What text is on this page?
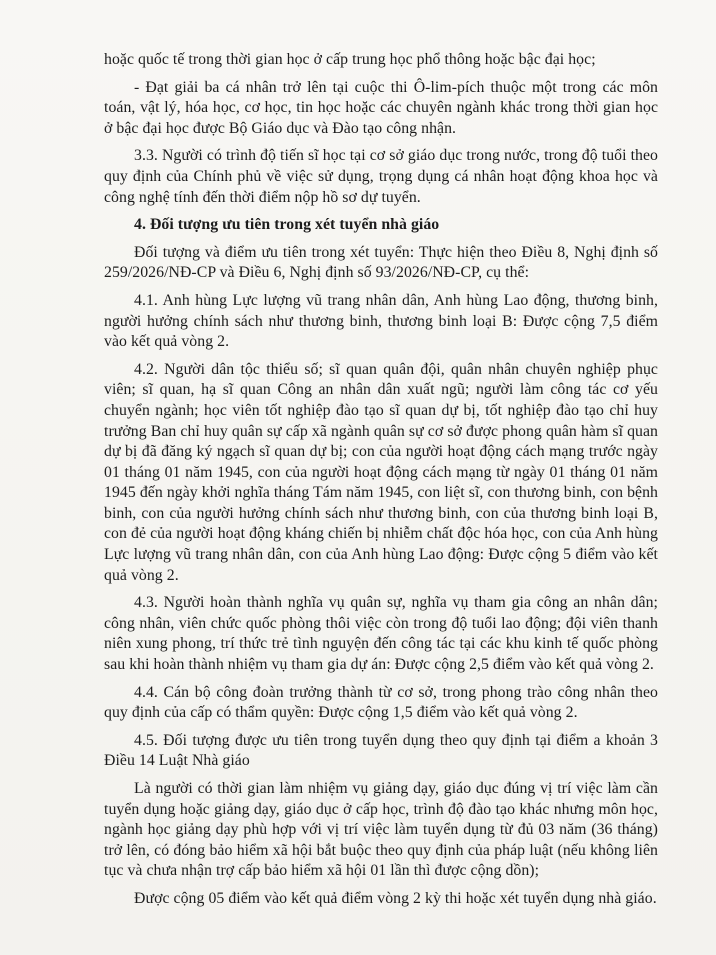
hoặc quốc tế trong thời gian học ở cấp trung học phổ thông hoặc bậc đại học;

- Đạt giải ba cá nhân trở lên tại cuộc thi Ô-lim-pích thuộc một trong các môn toán, vật lý, hóa học, cơ học, tin học hoặc các chuyên ngành khác trong thời gian học ở bậc đại học được Bộ Giáo dục và Đào tạo công nhận.

3.3. Người có trình độ tiến sĩ học tại cơ sở giáo dục trong nước, trong độ tuổi theo quy định của Chính phủ về việc sử dụng, trọng dụng cá nhân hoạt động khoa học và công nghệ tính đến thời điểm nộp hồ sơ dự tuyển.

4. Đối tượng ưu tiên trong xét tuyển nhà giáo

Đối tượng và điểm ưu tiên trong xét tuyển: Thực hiện theo Điều 8, Nghị định số 259/2026/NĐ-CP và Điều 6, Nghị định số 93/2026/NĐ-CP, cụ thể:

4.1. Anh hùng Lực lượng vũ trang nhân dân, Anh hùng Lao động, thương binh, người hưởng chính sách như thương binh, thương binh loại B: Được cộng 7,5 điểm vào kết quả vòng 2.

4.2. Người dân tộc thiểu số; sĩ quan quân đội, quân nhân chuyên nghiệp phục viên; sĩ quan, hạ sĩ quan Công an nhân dân xuất ngũ; người làm công tác cơ yếu chuyển ngành; học viên tốt nghiệp đào tạo sĩ quan dự bị, tốt nghiệp đào tạo chỉ huy trưởng Ban chỉ huy quân sự cấp xã ngành quân sự cơ sở được phong quân hàm sĩ quan dự bị đã đăng ký ngạch sĩ quan dự bị; con của người hoạt động cách mạng trước ngày 01 tháng 01 năm 1945, con của người hoạt động cách mạng từ ngày 01 tháng 01 năm 1945 đến ngày khởi nghĩa tháng Tám năm 1945, con liệt sĩ, con thương binh, con bệnh binh, con của người hưởng chính sách như thương binh, con của thương binh loại B, con đẻ của người hoạt động kháng chiến bị nhiễm chất độc hóa học, con của Anh hùng Lực lượng vũ trang nhân dân, con của Anh hùng Lao động: Được cộng 5 điểm vào kết quả vòng 2.

4.3. Người hoàn thành nghĩa vụ quân sự, nghĩa vụ tham gia công an nhân dân; công nhân, viên chức quốc phòng thôi việc còn trong độ tuổi lao động; đội viên thanh niên xung phong, trí thức trẻ tình nguyện đến công tác tại các khu kinh tế quốc phòng sau khi hoàn thành nhiệm vụ tham gia dự án: Được cộng 2,5 điểm vào kết quả vòng 2.

4.4. Cán bộ công đoàn trưởng thành từ cơ sở, trong phong trào công nhân theo quy định của cấp có thẩm quyền: Được cộng 1,5 điểm vào kết quả vòng 2.

4.5. Đối tượng được ưu tiên trong tuyển dụng theo quy định tại điểm a khoản 3 Điều 14 Luật Nhà giáo

Là người có thời gian làm nhiệm vụ giảng dạy, giáo dục đúng vị trí việc làm cần tuyển dụng hoặc giảng dạy, giáo dục ở cấp học, trình độ đào tạo khác nhưng môn học, ngành học giảng dạy phù hợp với vị trí việc làm tuyển dụng từ đủ 03 năm (36 tháng) trở lên, có đóng bảo hiểm xã hội bắt buộc theo quy định của pháp luật (nếu không liên tục và chưa nhận trợ cấp bảo hiểm xã hội 01 lần thì được cộng dồn);

Được cộng 05 điểm vào kết quả điểm vòng 2 kỳ thi hoặc xét tuyển dụng nhà giáo.
